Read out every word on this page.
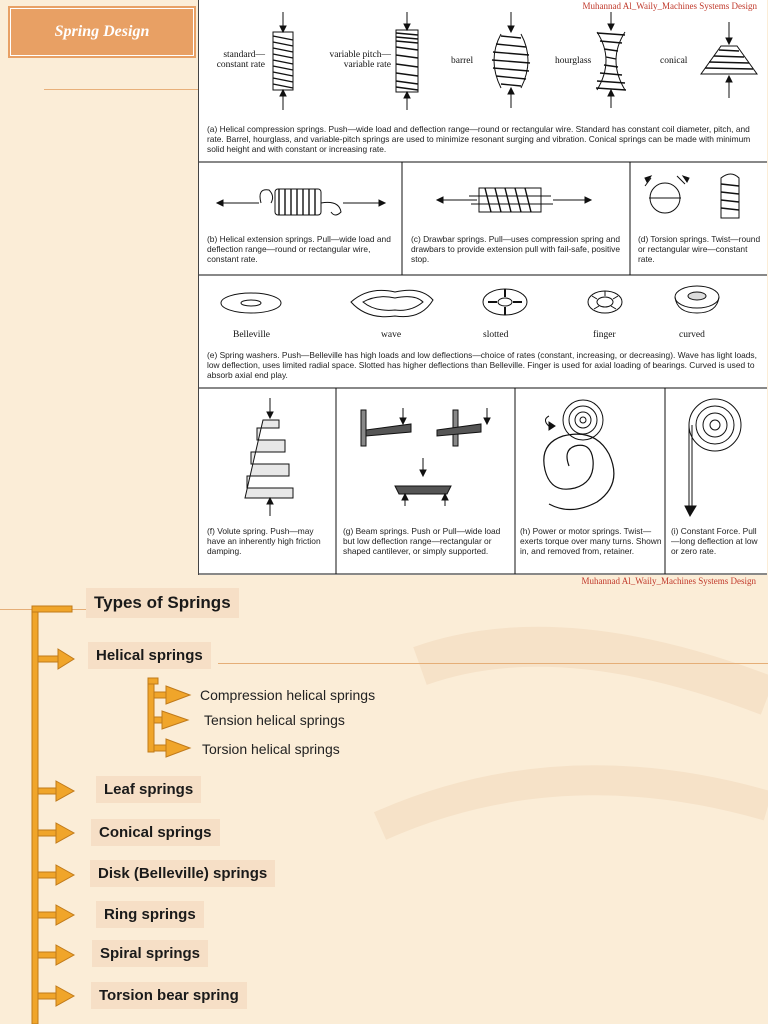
Spring Design
Muhannad Al_Waily_Machines Systems Design
standard—
constant rate
variable pitch—
variable rate	barrel	hourglass	conical
(a) Helical compression springs. Push—wide load and deflection range—round or rectangular wire. Standard has constant coil diameter, pitch, and rate. Barrel, hourglass, and variable-pitch springs are used to minimize resonant surging and vibration. Conical springs can be made with minimum solid height and with constant or increasing rate.
(b) Helical extension springs. Pull—wide load and deflection range—round or rectangular wire, constant rate.
(c) Drawbar springs. Pull—uses compression spring and drawbars to provide extension pull with fail-safe, positive stop.
(d) Torsion springs. Twist—round or rectangular wire—constant rate.
Belleville	wave	slotted	finger	curved
(e) Spring washers. Push—Belleville has high loads and low deflections—choice of rates (constant, increasing, or decreasing). Wave has light loads, low deflection, uses limited radial space. Slotted has higher deflections than Belleville. Finger is used for axial loading of bearings. Curved is used to absorb axial end play.
(f) Volute spring. Push—may have an inherently high friction damping.
(g) Beam springs. Push or Pull—wide load but low deflection range—rectangular or shaped cantilever, or simply supported.
(h) Power or motor springs. Twist—exerts torque over many turns. Shown in, and removed from, retainer.
(i) Constant Force. Pull—long deflection at low or zero rate.
Muhannad Al_Waily_Machines Systems Design
Types of Springs
Helical springs
Compression helical springs
Tension helical springs
Torsion helical springs
Leaf springs
Conical springs
Disk (Belleville) springs
Ring springs
Spiral springs
Torsion bear spring
